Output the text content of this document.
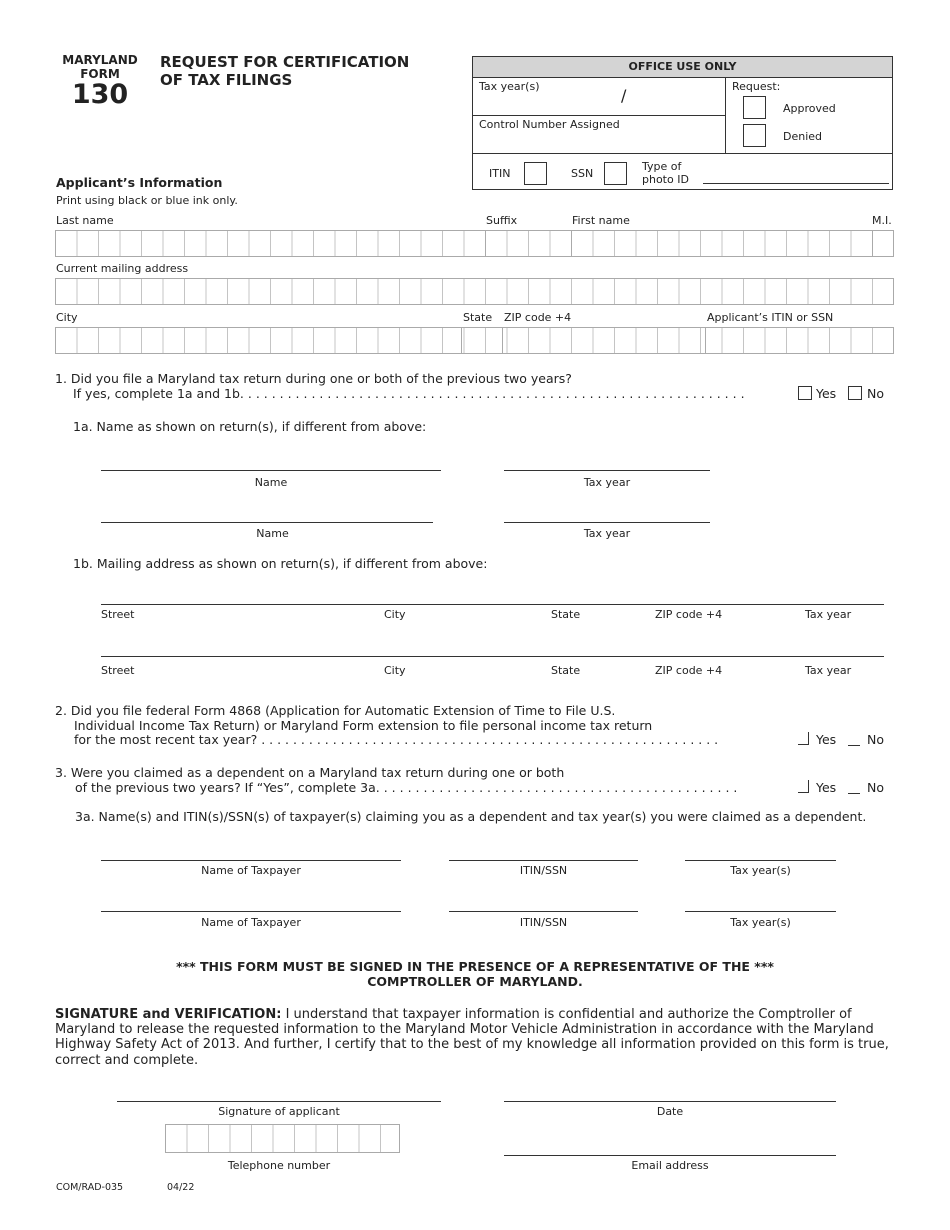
MARYLAND
FORM
130
REQUEST FOR CERTIFICATION
OF TAX FILINGS
OFFICE USE ONLY
Tax year(s)	/
Control Number Assigned
Request:
Approved
Denied
ITIN	SSN
Type of
photo ID
Applicant’s Information
Print using black or blue ink only.
Last name	Suffix	First name	M.I.
Current mailing address
City	State ZIP code +4	Applicant’s ITIN or SSN
1. Did you file a Maryland tax return during one or both of the previous two years?
If yes, complete 1a and 1b. . . . . . . . . . . . . . . . . . . . . . . . . . . . . . . . . . . . . . . . . . . . . . . . . . . . . . . . . . . . . . . .	Yes No
1a. Name as shown on return(s), if different from above:
Name	Tax year
Name	Tax year
1b. Mailing address as shown on return(s), if different from above:
Street	City	State	ZIP code +4	Tax year
Street	City	State	ZIP code +4	Tax year
2. Did you file federal Form 4868 (Application for Automatic Extension of Time to File U.S.
Individual Income Tax Return) or Maryland Form extension to file personal income tax return
for the most recent tax year? . . . . . . . . . . . . . . . . . . . . . . . . . . . . . . . . . . . . . . . . . . . . . . . . . . . . . . . . . .	Yes No
3. Were you claimed as a dependent on a Maryland tax return during one or both
of the previous two years? If “Yes”, complete 3a. . . . . . . . . . . . . . . . . . . . . . . . . . . . . . . . . . . . . . . . . . . . . .	Yes No
3a. Name(s) and ITIN(s)/SSN(s) of taxpayer(s) claiming you as a dependent and tax year(s) you were claimed as a dependent.
Name of Taxpayer	ITIN/SSN	Tax year(s)
Name of Taxpayer	ITIN/SSN	Tax year(s)
*** THIS FORM MUST BE SIGNED IN THE PRESENCE OF A REPRESENTATIVE OF THE ***
COMPTROLLER OF MARYLAND.
SIGNATURE and VERIFICATION: I understand that taxpayer information is confidential and authorize the Comptroller of Maryland to release the requested information to the Maryland Motor Vehicle Administration in accordance with the Maryland Highway Safety Act of 2013. And further, I certify that to the best of my knowledge all information provided on this form is true, correct and complete.
Signature of applicant	Date
Telephone number	Email address
COM/RAD-035	04/22
